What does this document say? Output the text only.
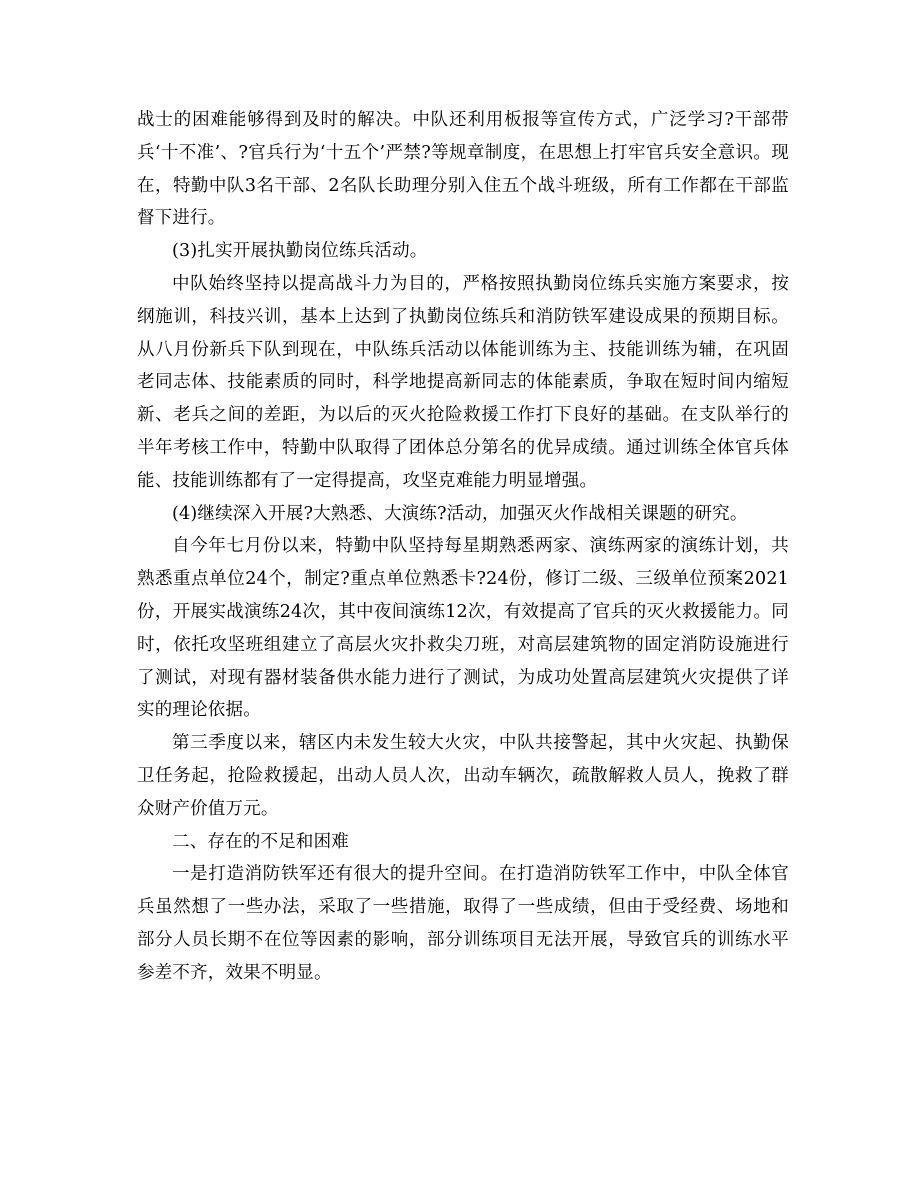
战士的困难能够得到及时的解决。中队还利用板报等宣传方式，广泛学习?干部带兵‘十不准’、?官兵行为‘十五个’严禁?等规章制度，在思想上打牢官兵安全意识。现在，特勤中队3名干部、2名队长助理分别入住五个战斗班级，所有工作都在干部监督下进行。

(3)扎实开展执勤岗位练兵活动。

中队始终坚持以提高战斗力为目的，严格按照执勤岗位练兵实施方案要求，按纲施训，科技兴训，基本上达到了执勤岗位练兵和消防铁军建设成果的预期目标。从八月份新兵下队到现在，中队练兵活动以体能训练为主、技能训练为辅，在巩固老同志体、技能素质的同时，科学地提高新同志的体能素质，争取在短时间内缩短新、老兵之间的差距，为以后的灭火抢险救援工作打下良好的基础。在支队举行的半年考核工作中，特勤中队取得了团体总分第名的优异成绩。通过训练全体官兵体能、技能训练都有了一定得提高，攻坚克难能力明显增强。

(4)继续深入开展?大熟悉、大演练?活动，加强灭火作战相关课题的研究。

自今年七月份以来，特勤中队坚持每星期熟悉两家、演练两家的演练计划，共熟悉重点单位24个，制定?重点单位熟悉卡?24份，修订二级、三级单位预案2021份，开展实战演练24次，其中夜间演练12次，有效提高了官兵的灭火救援能力。同时，依托攻坚班组建立了高层火灾扑救尖刀班，对高层建筑物的固定消防设施进行了测试，对现有器材装备供水能力进行了测试，为成功处置高层建筑火灾提供了详实的理论依据。

第三季度以来，辖区内未发生较大火灾，中队共接警起，其中火灾起、执勤保卫任务起，抢险救援起，出动人员人次，出动车辆次，疏散解救人员人，挽救了群众财产价值万元。

二、存在的不足和困难

一是打造消防铁军还有很大的提升空间。在打造消防铁军工作中，中队全体官兵虽然想了一些办法，采取了一些措施，取得了一些成绩，但由于受经费、场地和部分人员长期不在位等因素的影响，部分训练项目无法开展，导致官兵的训练水平参差不齐，效果不明显。
